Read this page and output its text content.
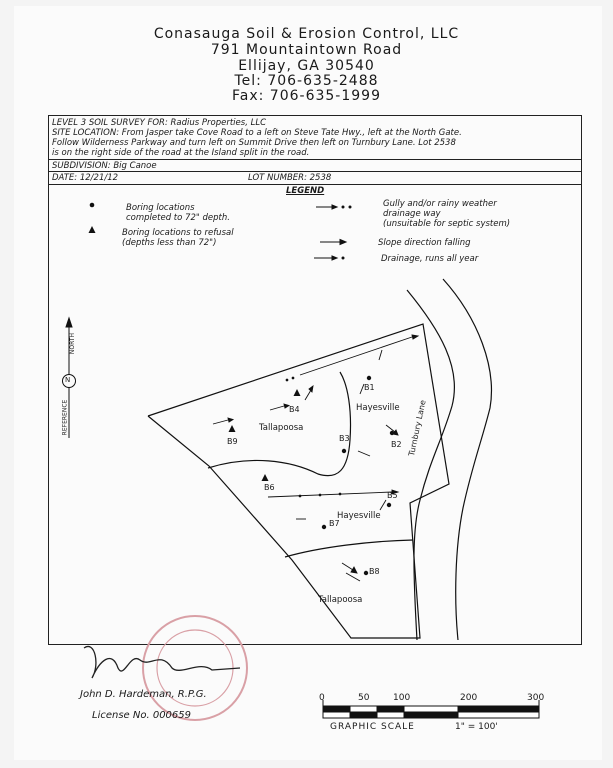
Conasauga Soil & Erosion Control, LLC
791 Mountaintown Road
Ellijay, GA 30540
Tel: 706-635-2488
Fax: 706-635-1999
LEVEL 3 SOIL SURVEY FOR: Radius Properties, LLC
SITE LOCATION: From Jasper take Cove Road to a left on Steve Tate Hwy., left at the North Gate.
Follow Wilderness Parkway and turn left on Summit Drive then left on Turnbury Lane. Lot 2538
is on the right side of the road at the Island split in the road.
SUBDIVISION: Big Canoe
DATE: 12/21/12	LOT NUMBER: 2538
LEGEND
Boring locations
completed to 72" depth.
Boring locations to refusal
(depths less than 72")
Gully and/or rainy weather
drainage way
(unsuitable for septic system)
Slope direction falling
Drainage, runs all year
NORTH
N
REFERENCE	Turnbury Lane
B1
B2
B3
B4
B5
B6
B7
B8
B9
Hayesville
Tallapoosa
Hayesville
Tallapoosa
John D. Hardeman, R.P.G.
License No. 000659
0	50	100	200	300
GRAPHIC SCALE	1" = 100'
